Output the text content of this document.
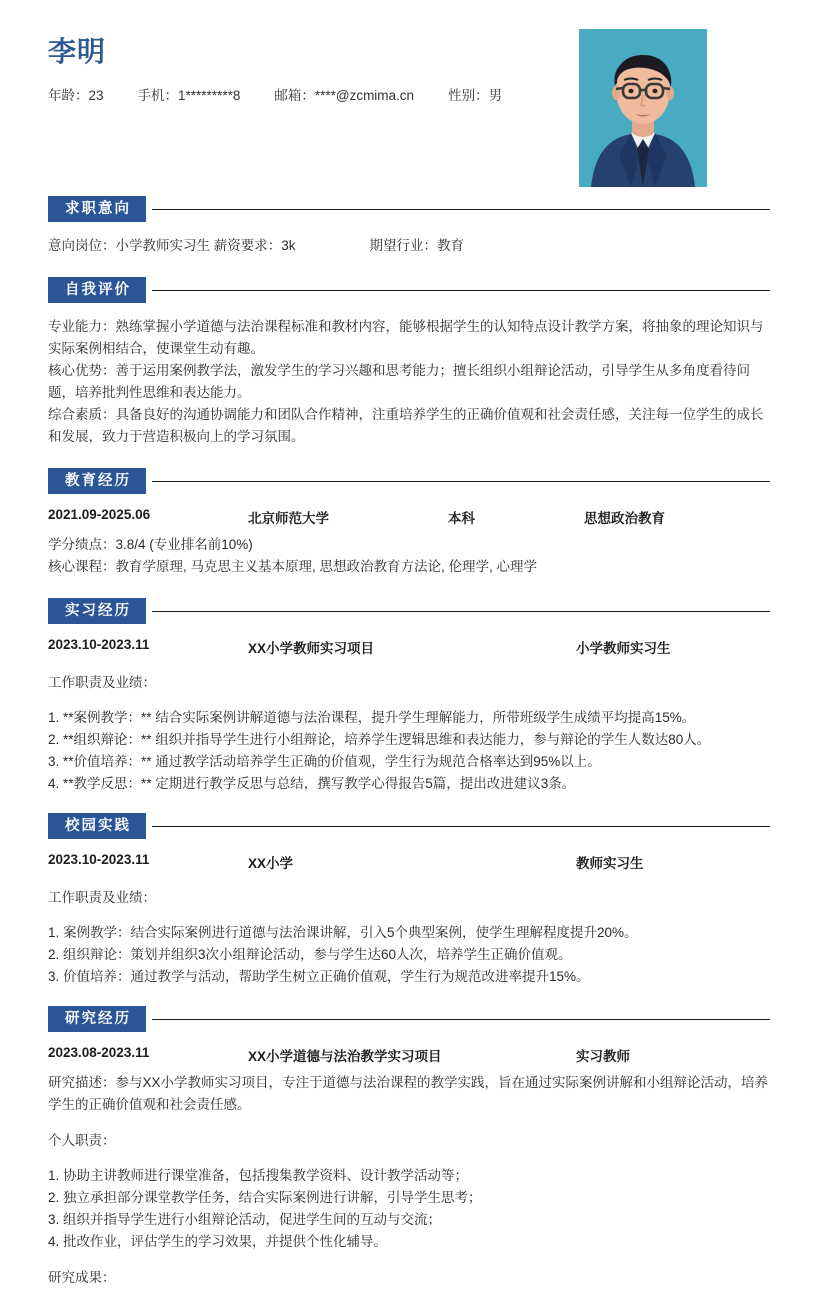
李明
年龄：23	手机：1*********8	邮箱：****@zcmima.cn	性别：男
求职意向
意向岗位：小学教师实习生 薪资要求：3k	期望行业：教育
自我评价

专业能力：熟练掌握小学道德与法治课程标准和教材内容，能够根据学生的认知特点设计教学方案，将抽象的理论知识与实际案例相结合，使课堂生动有趣。

核心优势：善于运用案例教学法，激发学生的学习兴趣和思考能力；擅长组织小组辩论活动，引导学生从多角度看待问题，培养批判性思维和表达能力。

综合素质：具备良好的沟通协调能力和团队合作精神，注重培养学生的正确价值观和社会责任感，关注每一位学生的成长和发展，致力于营造积极向上的学习氛围。

教育经历
2021.09-2025.06	北京师范大学	本科	思想政治教育

学分绩点：3.8/4 (专业排名前10%)

核心课程：教育学原理, 马克思主义基本原理, 思想政治教育方法论, 伦理学, 心理学

实习经历
2023.10-2023.11	XX小学教师实习项目	小学教师实习生

工作职责及业绩：

1. **案例教学：** 结合实际案例讲解道德与法治课程，提升学生理解能力，所带班级学生成绩平均提高15%。

2. **组织辩论：** 组织并指导学生进行小组辩论，培养学生逻辑思维和表达能力，参与辩论的学生人数达80人。

3. **价值培养：** 通过教学活动培养学生正确的价值观，学生行为规范合格率达到95%以上。

4. **教学反思：** 定期进行教学反思与总结，撰写教学心得报告5篇，提出改进建议3条。

校园实践
2023.10-2023.11	XX小学	教师实习生

工作职责及业绩：

1. 案例教学：结合实际案例进行道德与法治课讲解，引入5个典型案例，使学生理解程度提升20%。

2. 组织辩论：策划并组织3次小组辩论活动，参与学生达60人次，培养学生正确价值观。

3. 价值培养：通过教学与活动，帮助学生树立正确价值观，学生行为规范改进率提升15%。

研究经历
2023.08-2023.11	XX小学道德与法治教学实习项目	实习教师

研究描述：参与XX小学教师实习项目，专注于道德与法治课程的教学实践，旨在通过实际案例讲解和小组辩论活动，培养学生的正确价值观和社会责任感。

个人职责：

1. 协助主讲教师进行课堂准备，包括搜集教学资料、设计教学活动等；

2. 独立承担部分课堂教学任务，结合实际案例进行讲解，引导学生思考；

3. 组织并指导学生进行小组辩论活动，促进学生间的互动与交流；

4. 批改作业，评估学生的学习效果，并提供个性化辅导。

研究成果：
